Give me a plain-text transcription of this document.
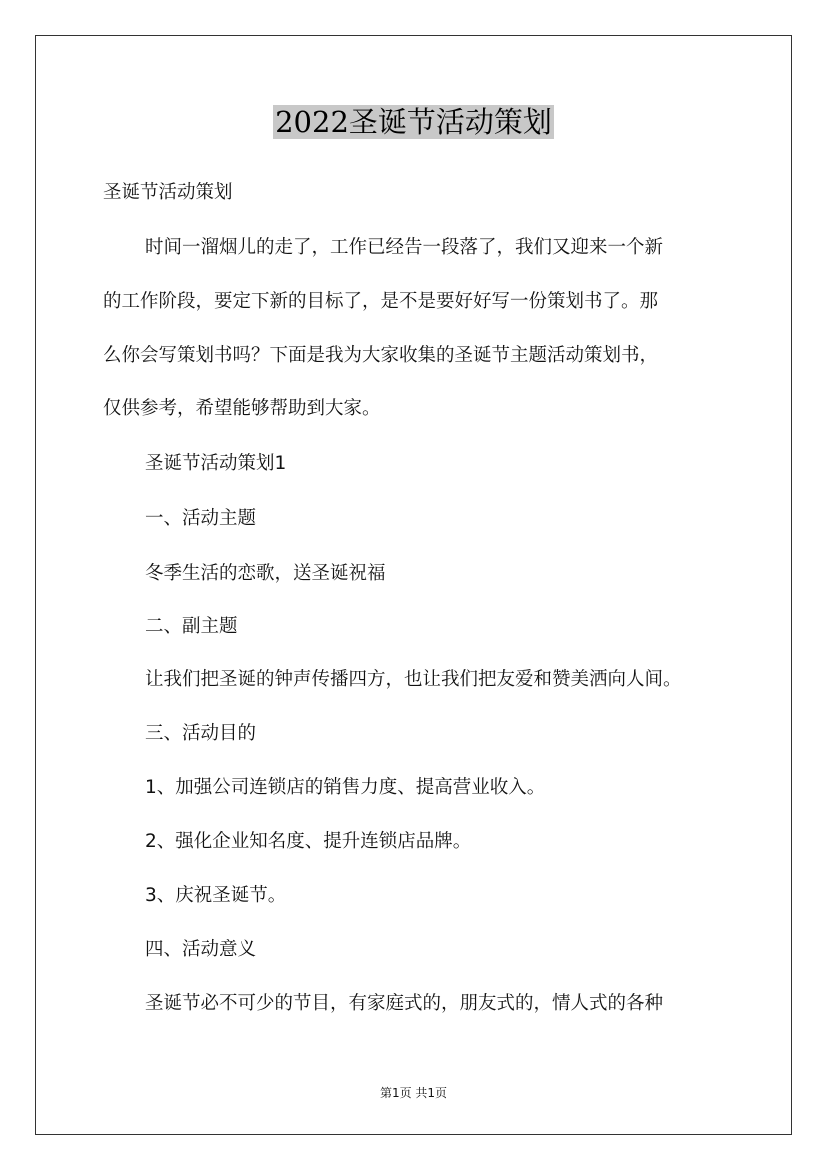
2022圣诞节活动策划
圣诞节活动策划
时间一溜烟儿的走了，工作已经告一段落了，我们又迎来一个新
的工作阶段，要定下新的目标了，是不是要好好写一份策划书了。那
么你会写策划书吗？下面是我为大家收集的圣诞节主题活动策划书，
仅供参考，希望能够帮助到大家。
圣诞节活动策划1
一、活动主题
冬季生活的恋歌，送圣诞祝福
二、副主题
让我们把圣诞的钟声传播四方，也让我们把友爱和赞美洒向人间。
三、活动目的
1、加强公司连锁店的销售力度、提高营业收入。
2、强化企业知名度、提升连锁店品牌。
3、庆祝圣诞节。
四、活动意义
圣诞节必不可少的节目，有家庭式的，朋友式的，情人式的各种
第1页 共1页
